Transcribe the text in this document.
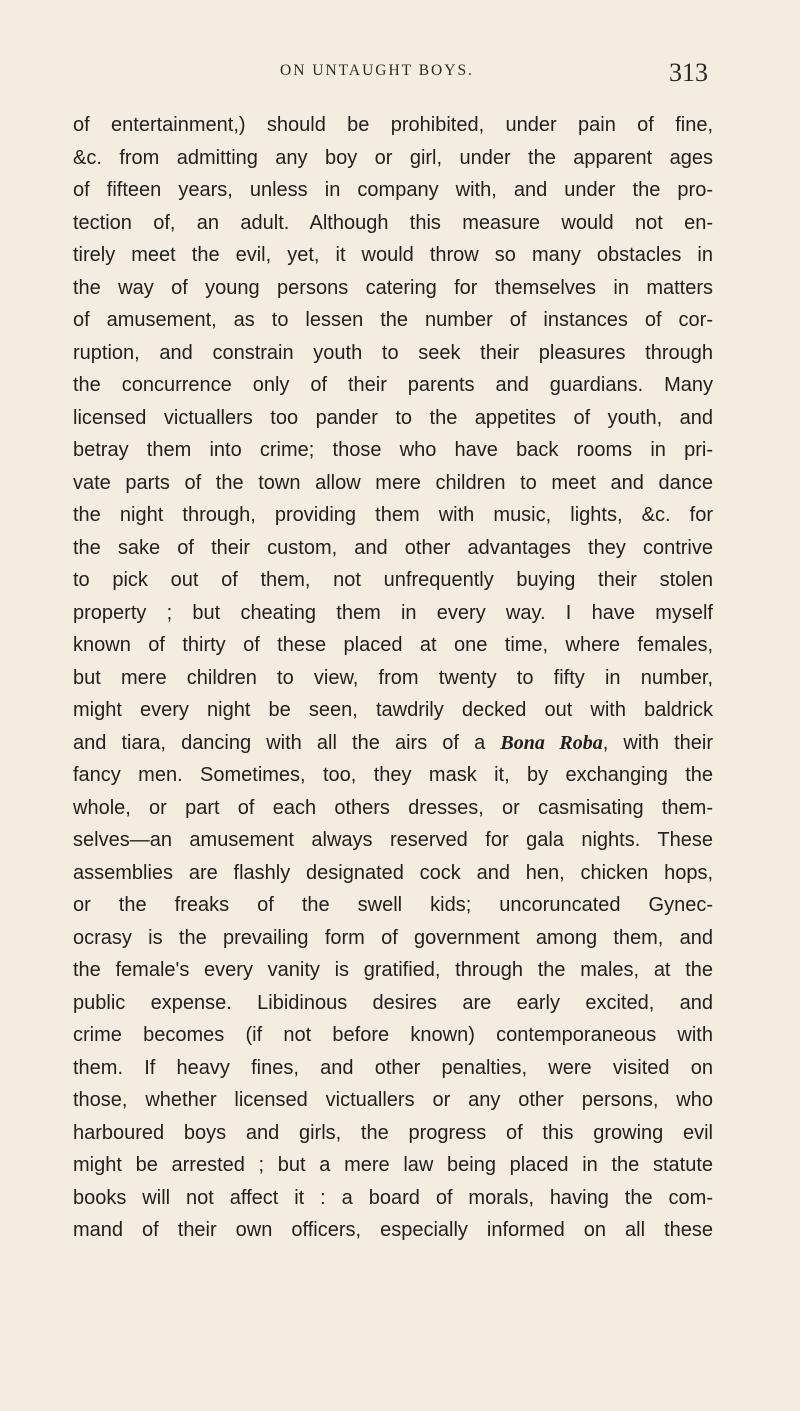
ON UNTAUGHT BOYS.	313
of entertainment,) should be prohibited, under pain of fine,
&c. from admitting any boy or girl, under the apparent ages
of fifteen years, unless in company with, and under the pro-
tection of, an adult. Although this measure would not en-
tirely meet the evil, yet, it would throw so many obstacles in
the way of young persons catering for themselves in matters
of amusement, as to lessen the number of instances of cor-
ruption, and constrain youth to seek their pleasures through
the concurrence only of their parents and guardians. Many
licensed victuallers too pander to the appetites of youth, and
betray them into crime; those who have back rooms in pri-
vate parts of the town allow mere children to meet and dance
the night through, providing them with music, lights, &c. for
the sake of their custom, and other advantages they contrive
to pick out of them, not unfrequently buying their stolen
property ; but cheating them in every way. I have myself
known of thirty of these placed at one time, where females,
but mere children to view, from twenty to fifty in number,
might every night be seen, tawdrily decked out with baldrick
and tiara, dancing with all the airs of a Bona Roba, with their
fancy men. Sometimes, too, they mask it, by exchanging the
whole, or part of each others dresses, or casmisating them-
selves—an amusement always reserved for gala nights. These
assemblies are flashly designated cock and hen, chicken hops,
or the freaks of the swell kids; uncoruncated Gynec-
ocrasy is the prevailing form of government among them, and
the female's every vanity is gratified, through the males, at the
public expense. Libidinous desires are early excited, and
crime becomes (if not before known) contemporaneous with
them. If heavy fines, and other penalties, were visited on
those, whether licensed victuallers or any other persons, who
harboured boys and girls, the progress of this growing evil
might be arrested ; but a mere law being placed in the statute
books will not affect it : a board of morals, having the com-
mand of their own officers, especially informed on all these
